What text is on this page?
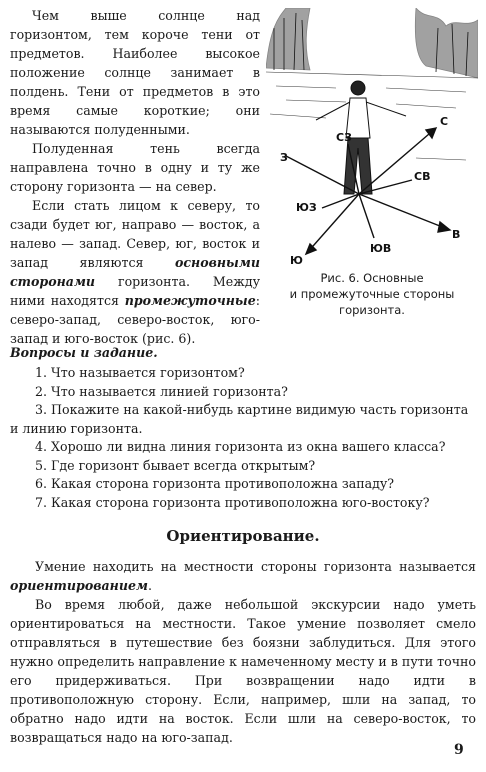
Чем выше солнце над горизонтом, тем короче тени от предметов. Наиболее высокое положение солнце занимает в полдень. Тени от предметов в это время самые короткие; они называются полуденными.

Полуденная тень всегда направлена точно в одну и ту же сторону горизонта — на север.

Если стать лицом к северу, то сзади будет юг, направо — восток, а налево — запад. Север, юг, восток и запад являются основными сторонами горизонта. Между ними находятся промежуточные: северо-запад, северо-восток, юго-запад и юго-восток (рис. 6).

С
СЗ
З
СВ
ЮЗ
В
Ю
ЮВ
Рис. 6. Основные
и промежуточные стороны
горизонта.
Вопросы и задание.
1. Что называется горизонтом?
2. Что называется линией горизонта?
3. Покажите на какой-нибудь картине видимую часть горизонта
и линию горизонта.
4. Хорошо ли видна линия горизонта из окна вашего класса?
5. Где горизонт бывает всегда открытым?
6. Какая сторона горизонта противоположна западу?
7. Какая сторона горизонта противоположна юго-востоку?
Ориентирование.

Умение находить на местности стороны горизонта называется ориентированием.

Во время любой, даже небольшой экскурсии надо уметь ориентироваться на местности. Такое умение позволяет смело отправляться в путешествие без боязни заблудиться. Для этого нужно определить направление к намеченному месту и в пути точно его придерживаться. При возвращении надо идти в противоположную сторону. Если, например, шли на запад, то обратно надо идти на восток. Если шли на северо-восток, то возвращаться надо на юго-запад.

9
